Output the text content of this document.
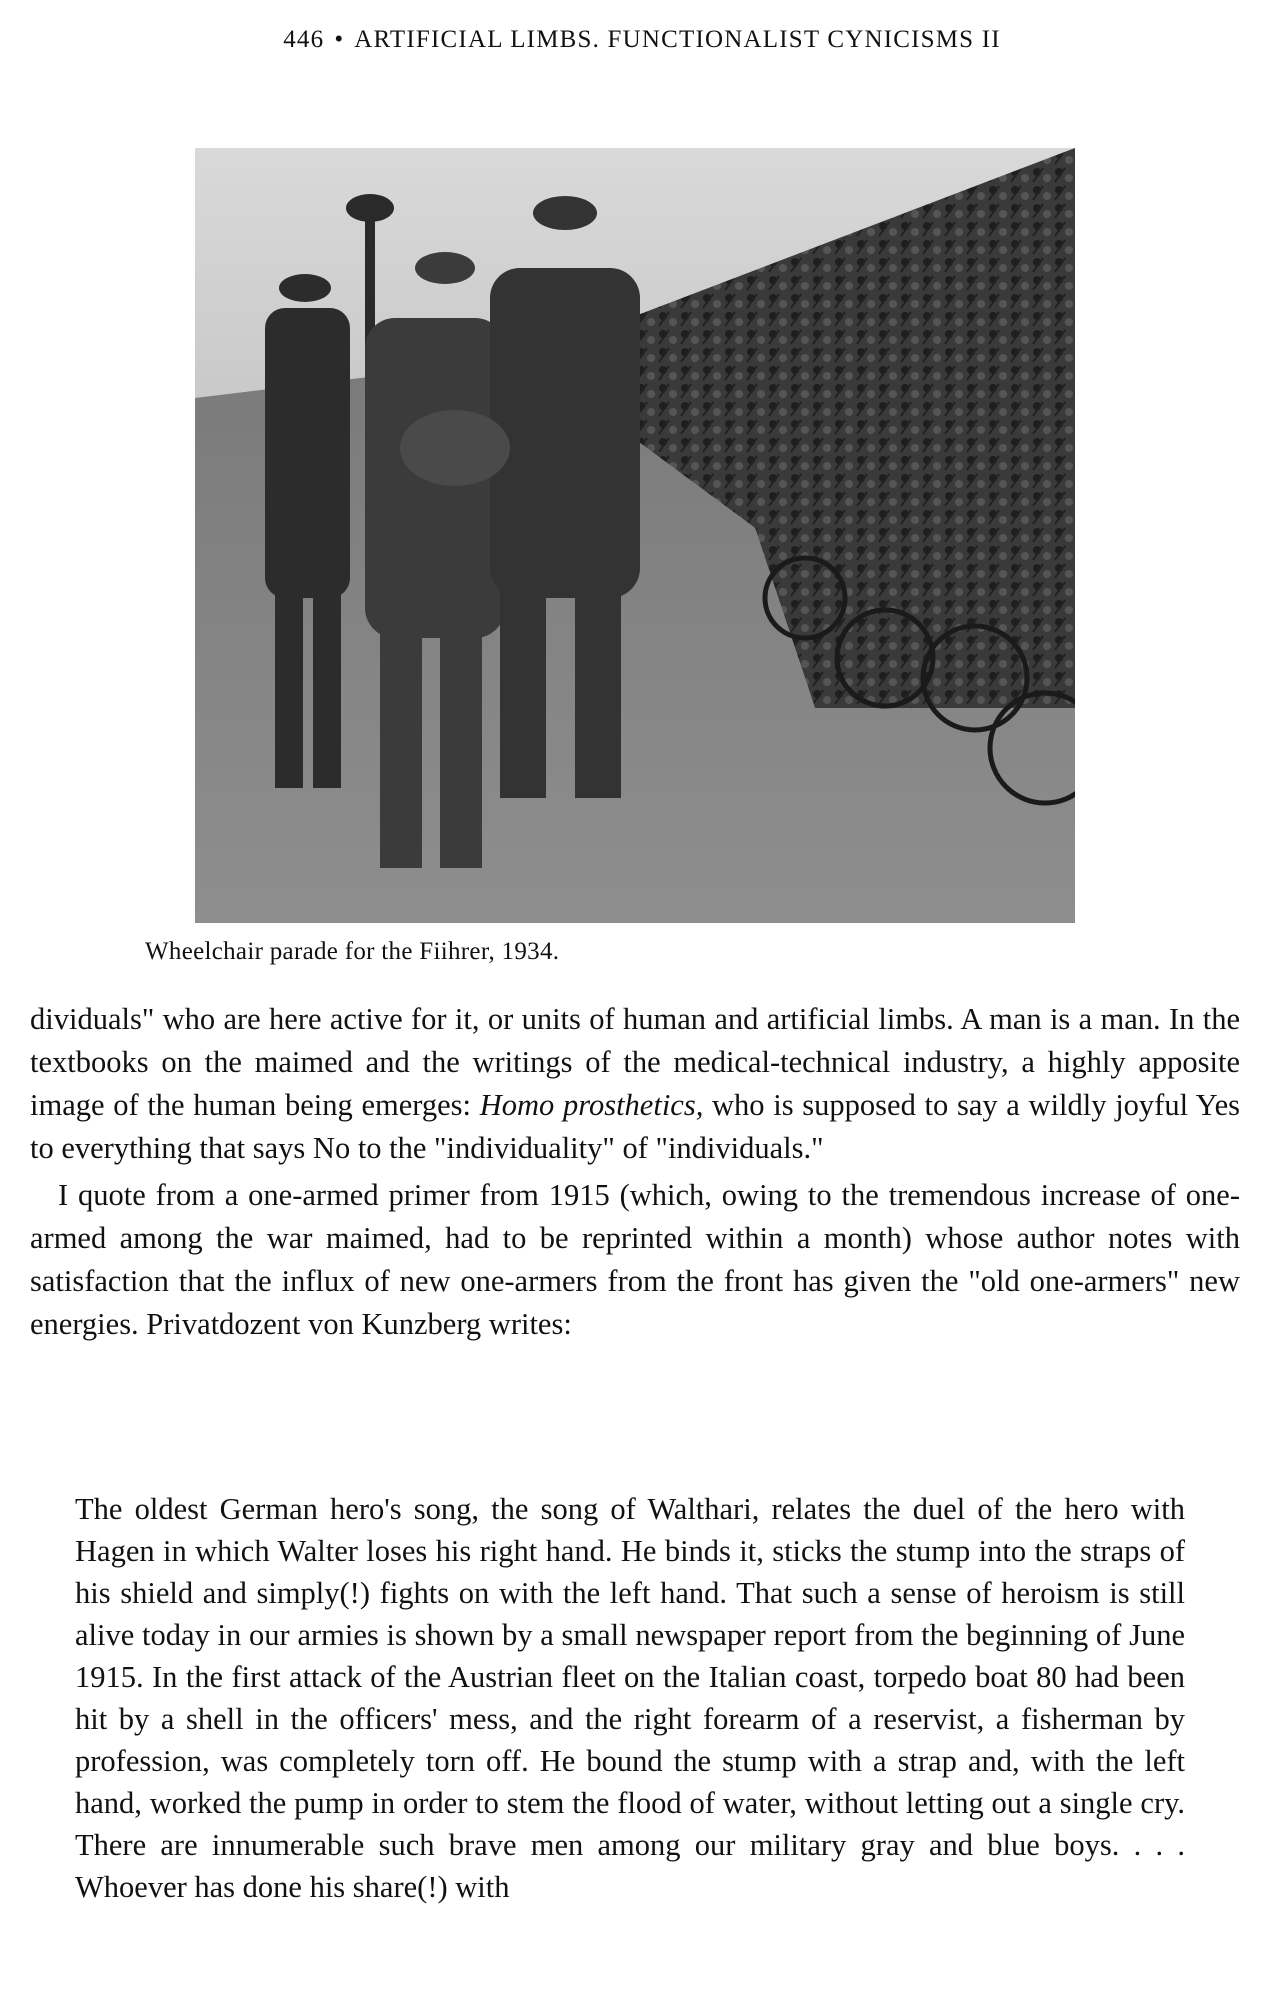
446 • ARTIFICIAL LIMBS. FUNCTIONALIST CYNICISMS II
Wheelchair parade for the Fiihrer, 1934.

dividuals" who are here active for it, or units of human and artificial limbs. A man is a man. In the textbooks on the maimed and the writings of the medical-technical industry, a highly apposite image of the human being emerges: Homo prosthetics, who is supposed to say a wildly joyful Yes to everything that says No to the "individuality" of "individuals."

I quote from a one-armed primer from 1915 (which, owing to the tremendous increase of one-armed among the war maimed, had to be reprinted within a month) whose author notes with satisfaction that the influx of new one-armers from the front has given the "old one-armers" new energies. Privatdozent von Kunzberg writes:

The oldest German hero's song, the song of Walthari, relates the duel of the hero with Hagen in which Walter loses his right hand. He binds it, sticks the stump into the straps of his shield and simply(!) fights on with the left hand. That such a sense of heroism is still alive today in our armies is shown by a small newspaper report from the beginning of June 1915. In the first attack of the Austrian fleet on the Italian coast, torpedo boat 80 had been hit by a shell in the officers' mess, and the right forearm of a reservist, a fisherman by profession, was completely torn off. He bound the stump with a strap and, with the left hand, worked the pump in order to stem the flood of water, without letting out a single cry. There are innumerable such brave men among our military gray and blue boys. . . . Whoever has done his share(!) with
